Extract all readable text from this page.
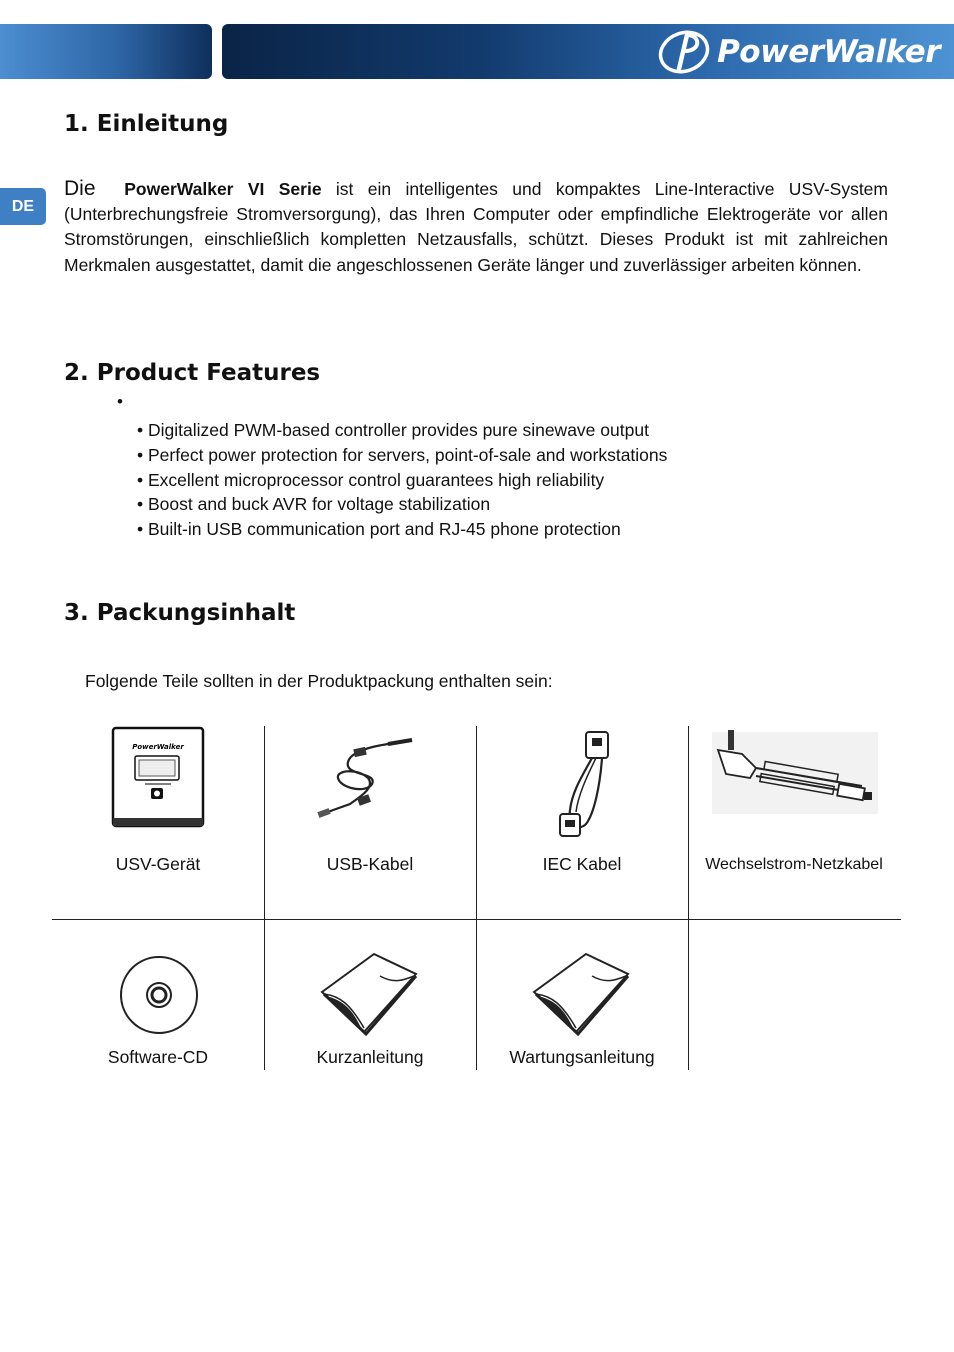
PowerWalker
DE
1. Einleitung

Die PowerWalker VI Serie ist ein intelligentes und kompaktes Line-Interactive USV-System (Unterbrechungsfreie Stromversorgung), das Ihren Computer oder empfindliche Elektrogeräte vor allen Stromstörungen, einschließlich kompletten Netzausfalls, schützt. Dieses Produkt ist mit zahlreichen Merkmalen ausgestattet, damit die angeschlossenen Geräte länger und zuverlässiger arbeiten können.

2. Product Features
•
• Digitalized PWM-based controller provides pure sinewave output
• Perfect power protection for servers, point-of-sale and workstations
• Excellent microprocessor control guarantees high reliability
• Boost and buck AVR for voltage stabilization
• Built-in USB communication port and RJ-45 phone protection
3. Packungsinhalt

Folgende Teile sollten in der Produktpackung enthalten sein:

PowerWalker
USV-Gerät	USB-Kabel	IEC Kabel	Wechselstrom-Netzkabel
Software-CD	Kurzanleitung	Wartungsanleitung
